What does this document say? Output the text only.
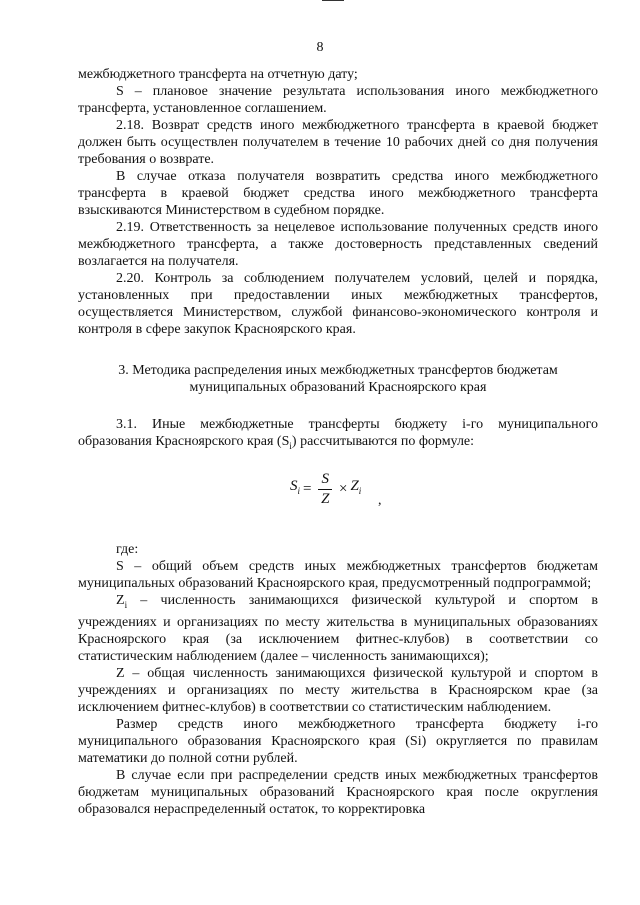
8

межбюджетного трансферта на отчетную дату;

S – плановое значение результата использования иного межбюджетного трансферта, установленное соглашением.

2.18. Возврат средств иного межбюджетного трансферта в краевой бюджет должен быть осуществлен получателем в течение 10 рабочих дней со дня получения требования о возврате.

В случае отказа получателя возвратить средства иного межбюджетного трансферта в краевой бюджет средства иного межбюджетного трансферта взыскиваются Министерством в судебном порядке.

2.19. Ответственность за нецелевое использование полученных средств иного межбюджетного трансферта, а также достоверность представленных сведений возлагается на получателя.

2.20. Контроль за соблюдением получателем условий, целей и порядка, установленных при предоставлении иных межбюджетных трансфертов, осуществляется Министерством, службой финансово-экономического контроля и контроля в сфере закупок Красноярского края.

3. Методика распределения иных межбюджетных трансфертов бюджетам
муниципальных образований Красноярского края

3.1. Иные межбюджетные трансферты бюджету i-го муниципального образования Красноярского края $(S_i)$ рассчитываются по формуле:

$S_i = \frac{S}{Z} \times Z_i$
,

где:

S – общий объем средств иных межбюджетных трансфертов бюджетам муниципальных образований Красноярского края, предусмотренный подпрограммой;

$Z_i$ – численность занимающихся физической культурой и спортом в учреждениях и организациях по месту жительства в муниципальных образованиях Красноярского края (за исключением фитнес-клубов) в соответствии со статистическим наблюдением (далее – численность занимающихся);

Z – общая численность занимающихся физической культурой и спортом в учреждениях и организациях по месту жительства в Красноярском крае (за исключением фитнес-клубов) в соответствии со статистическим наблюдением.

Размер средств иного межбюджетного трансферта бюджету i-го муниципального образования Красноярского края (Si) округляется по правилам математики до полной сотни рублей.

В случае если при распределении средств иных межбюджетных трансфертов бюджетам муниципальных образований Красноярского края после округления образовался нераспределенный остаток, то корректировка
